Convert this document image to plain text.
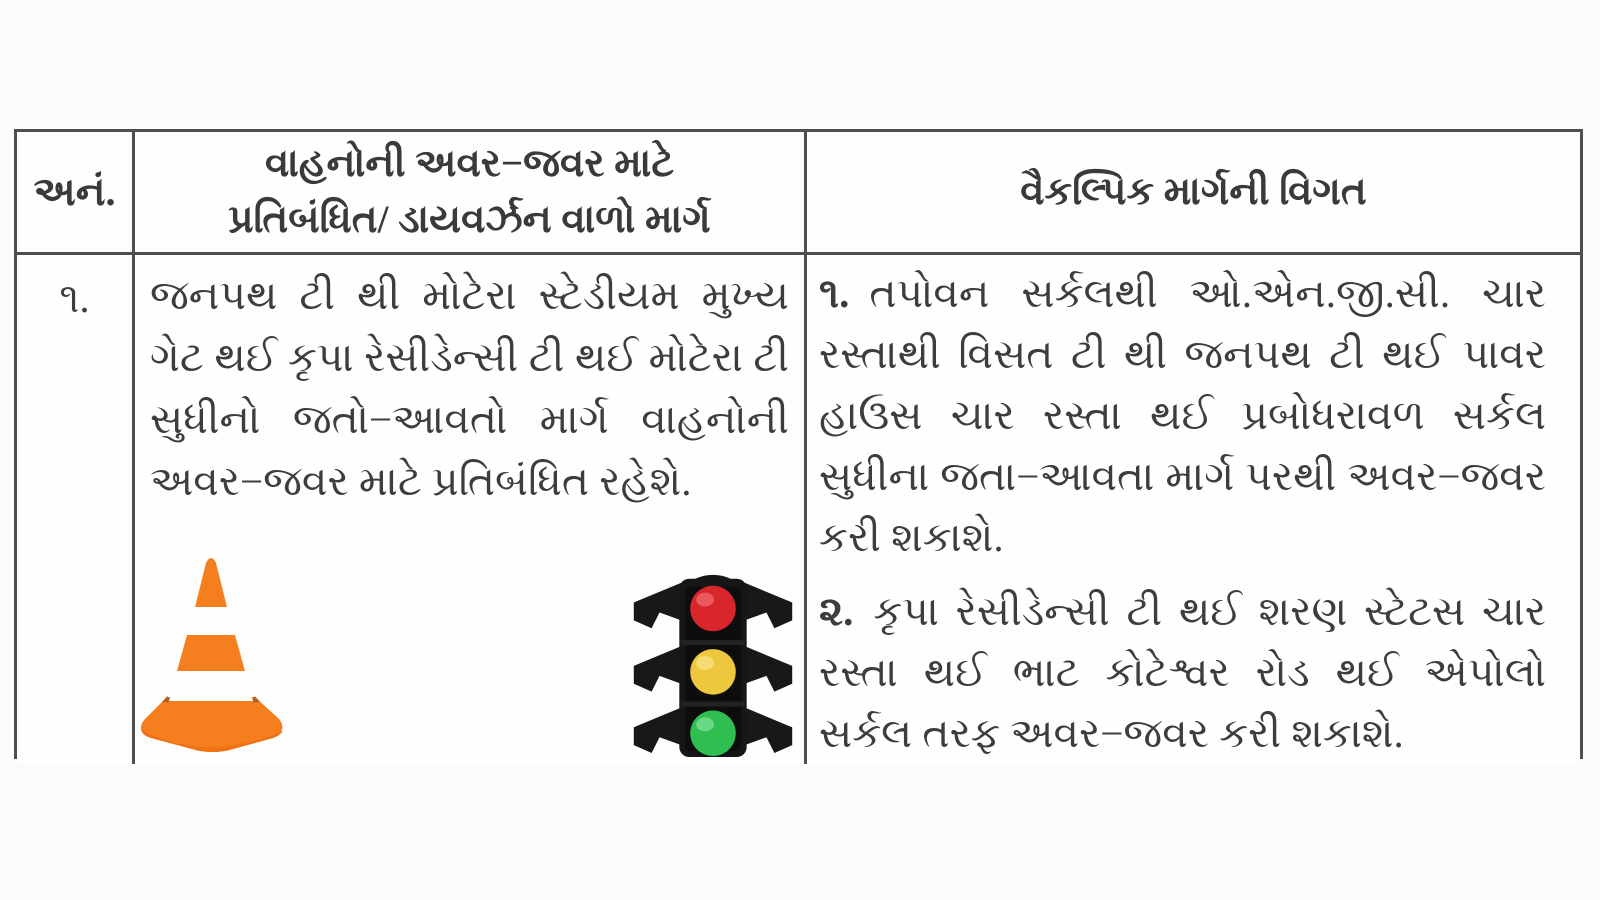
અનં.
વાહનોની અવર−જવર માટે
પ્રતિબંધિત/ ડાયવર્ઝન વાળો માર્ગ
વૈકલ્પિક માર્ગની વિગત
૧.	જનપથ ટી થી મોટેરા સ્ટેડીયમ મુખ્ય ગેટ થઈ કૃપા રેસીડેન્સી ટી થઈ મોટેરા ટી સુધીનો જતો−આવતો માર્ગ વાહનોની અવર−જવર માટે પ્રતિબંધિત રહેશે.

૧. તપોવન સર્કલથી ઓ.એન.જી.સી. ચાર રસ્તાથી વિસત ટી થી જનપથ ટી થઈ પાવર હાઉસ ચાર રસ્તા થઈ પ્રબોધરાવળ સર્કલ સુધીના જતા−આવતા માર્ગ પરથી અવર−જવર કરી શકાશે.

૨. કૃપા રેસીડેન્સી ટી થઈ શરણ સ્ટેટસ ચાર રસ્તા થઈ ભાટ કોટેશ્વર રોડ થઈ એપોલો સર્કલ તરફ અવર−જવર કરી શકાશે.
